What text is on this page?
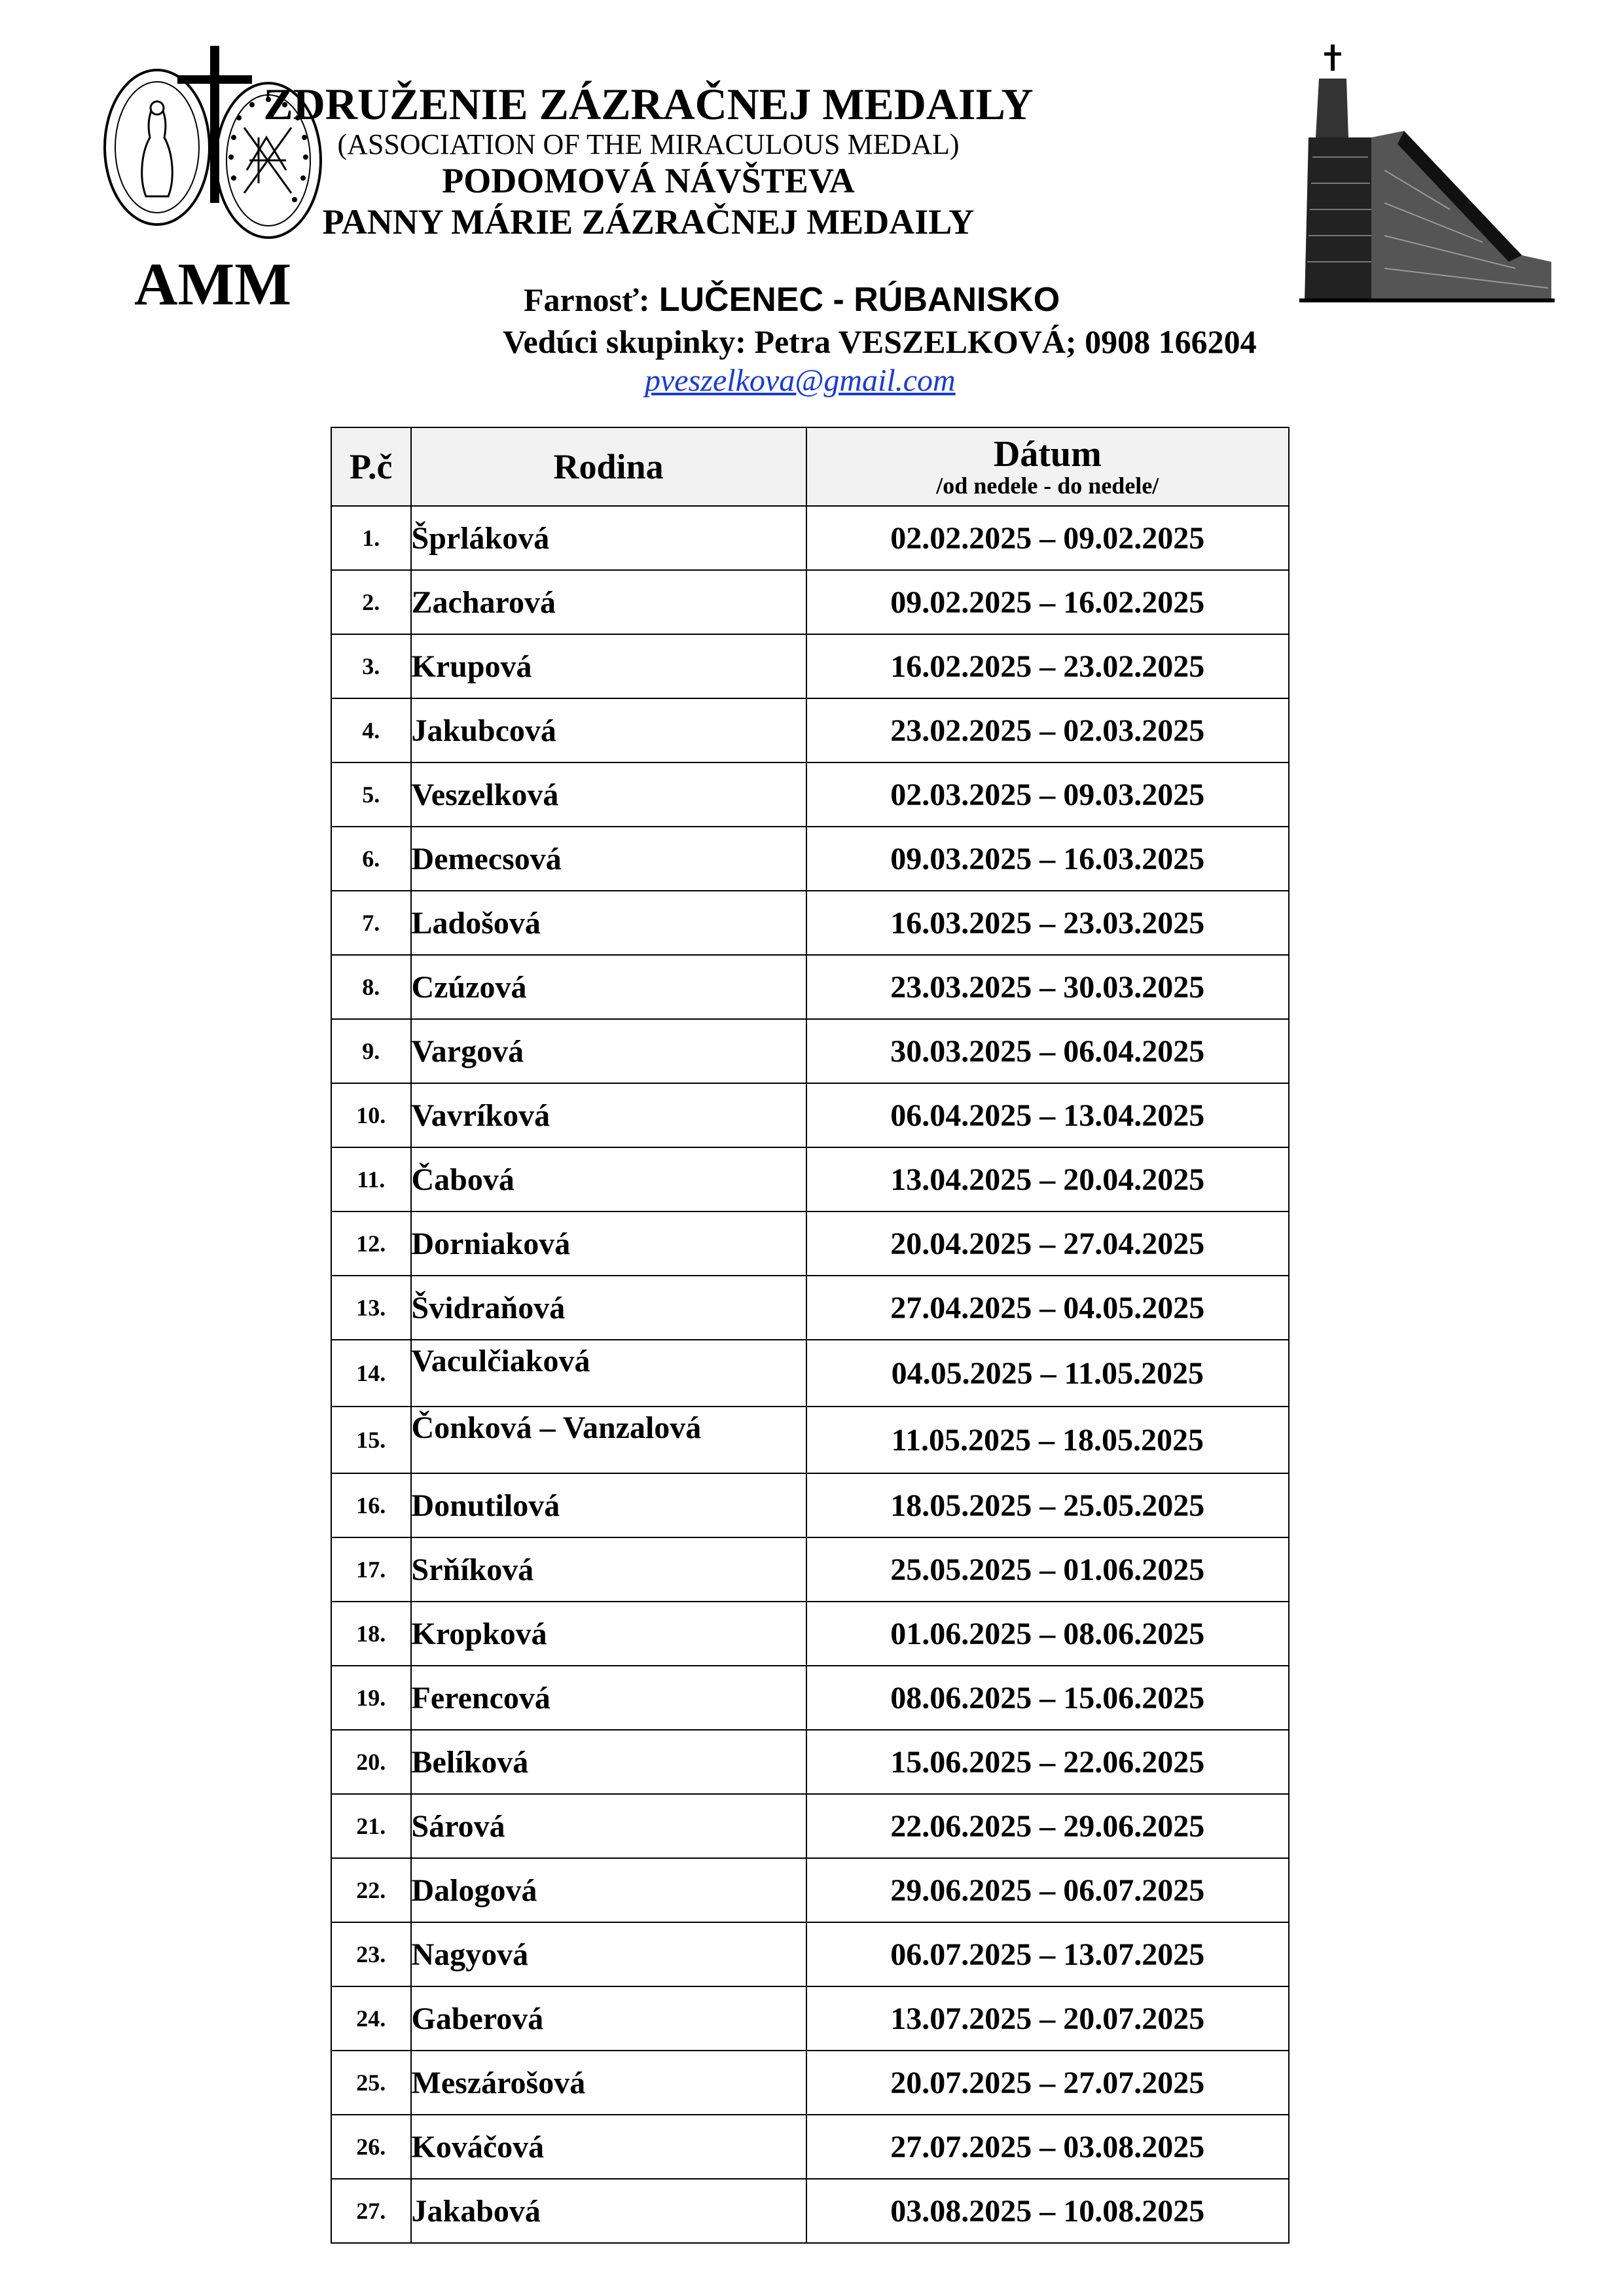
AMM
ZDRUŽENIE ZÁZRAČNEJ MEDAILY
(ASSOCIATION OF THE MIRACULOUS MEDAL)
PODOMOVÁ NÁVŠTEVA
PANNY MÁRIE ZÁZRAČNEJ MEDAILY
Farnosť: LUČENEC - RÚBANISKO
Vedúci skupinky: Petra VESZELKOVÁ; 0908 166204
pveszelkova@gmail.com
P.č	Rodina	Dátum
/od nedele - do nedele/

1.	Šprláková	02.02.2025 – 09.02.2025
2.	Zacharová	09.02.2025 – 16.02.2025
3.	Krupová	16.02.2025 – 23.02.2025
4.	Jakubcová	23.02.2025 – 02.03.2025
5.	Veszelková	02.03.2025 – 09.03.2025
6.	Demecsová	09.03.2025 – 16.03.2025
7.	Ladošová	16.03.2025 – 23.03.2025
8.	Czúzová	23.03.2025 – 30.03.2025
9.	Vargová	30.03.2025 – 06.04.2025
10.	Vavríková	06.04.2025 – 13.04.2025
11.	Čabová	13.04.2025 – 20.04.2025
12.	Dorniaková	20.04.2025 – 27.04.2025
13.	Švidraňová	27.04.2025 – 04.05.2025
14.	Vaculčiaková	04.05.2025 – 11.05.2025
15.	Čonková – Vanzalová	11.05.2025 – 18.05.2025
16.	Donutilová	18.05.2025 – 25.05.2025
17.	Srňíková	25.05.2025 – 01.06.2025
18.	Kropková	01.06.2025 – 08.06.2025
19.	Ferencová	08.06.2025 – 15.06.2025
20.	Belíková	15.06.2025 – 22.06.2025
21.	Sárová	22.06.2025 – 29.06.2025
22.	Dalogová	29.06.2025 – 06.07.2025
23.	Nagyová	06.07.2025 – 13.07.2025
24.	Gaberová	13.07.2025 – 20.07.2025
25.	Meszárošová	20.07.2025 – 27.07.2025
26.	Kováčová	27.07.2025 – 03.08.2025
27.	Jakabová	03.08.2025 – 10.08.2025
